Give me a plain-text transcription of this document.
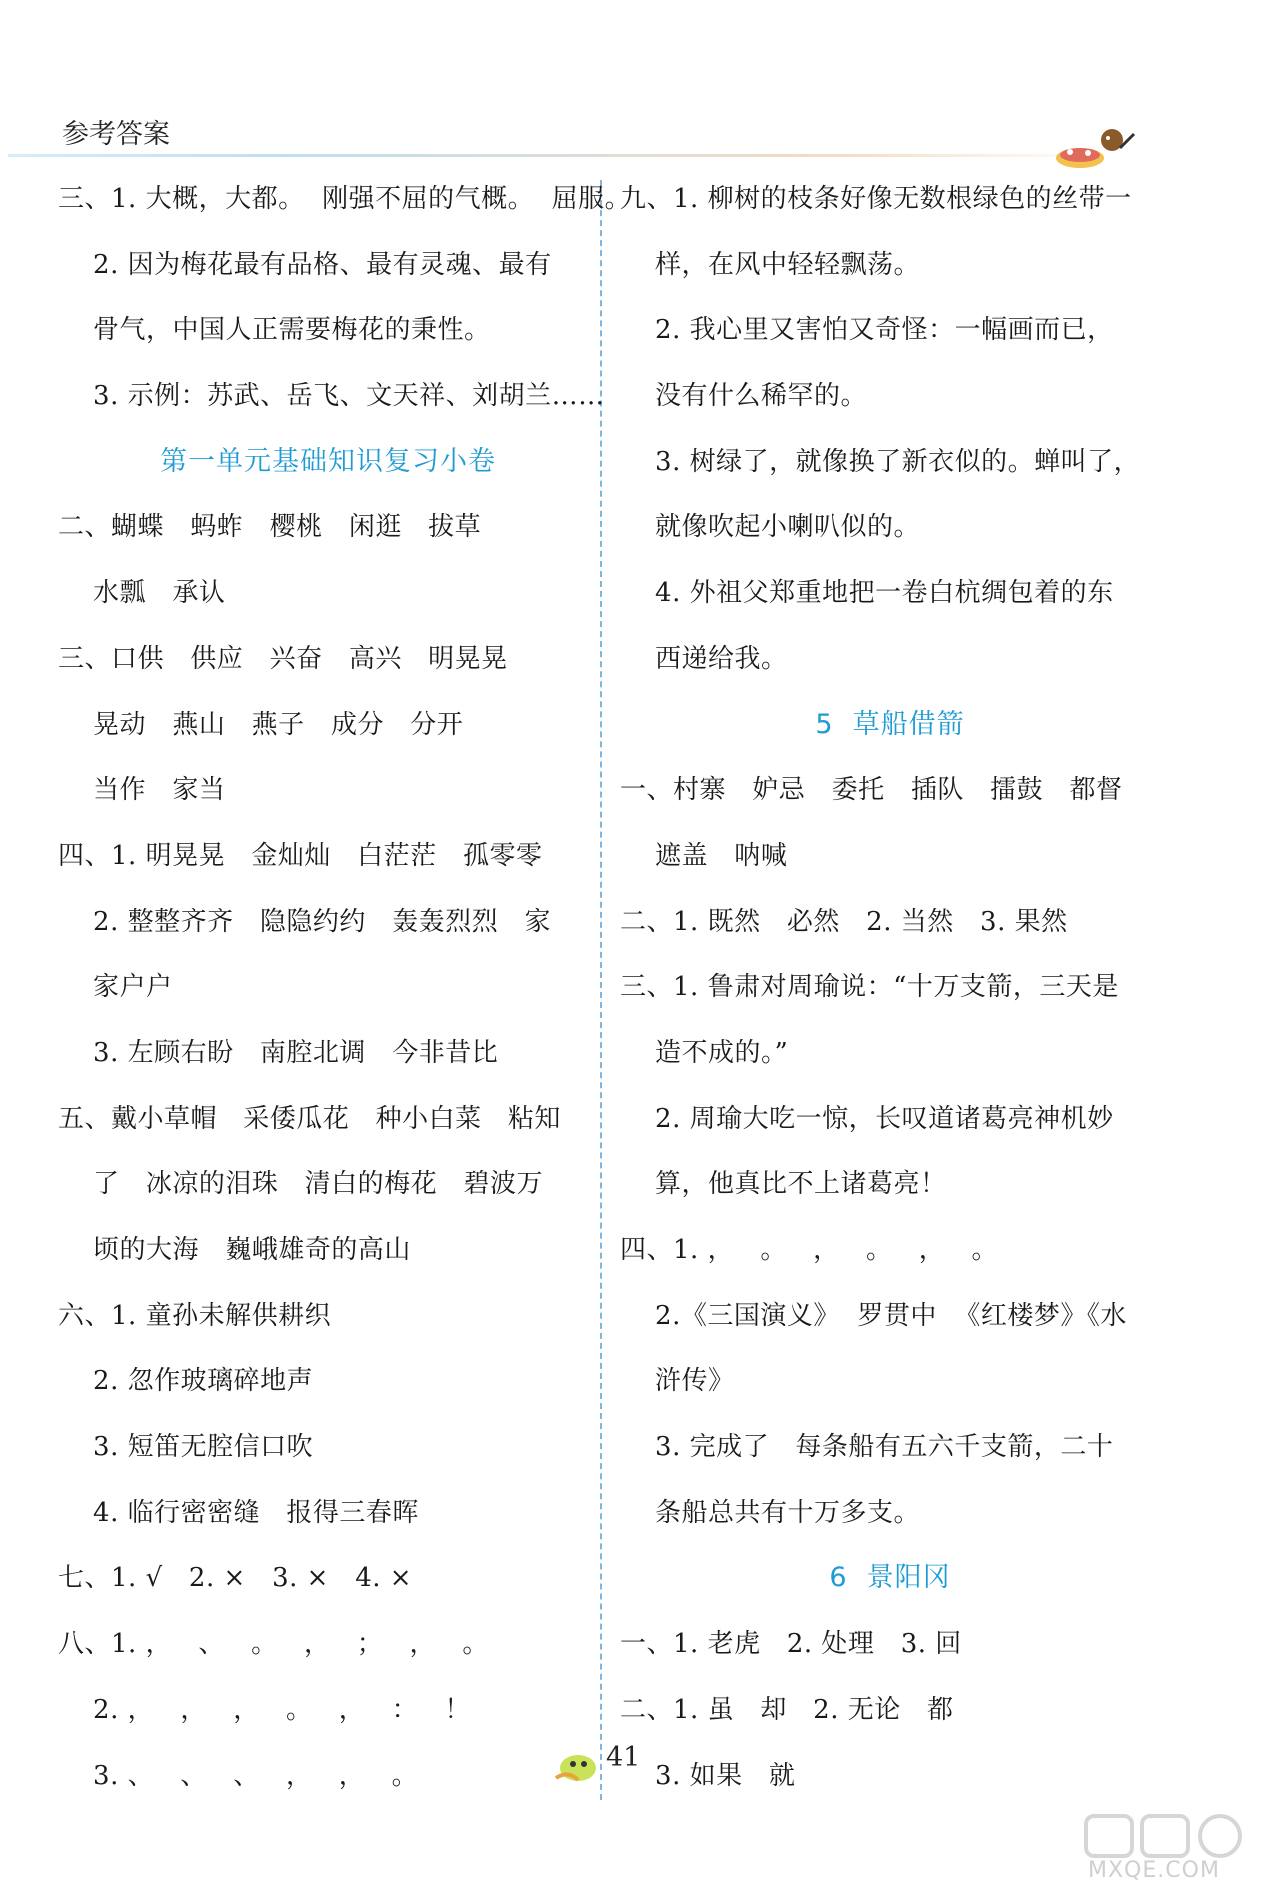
参考答案
三、1. 大概，大都。  刚强不屈的气概。  屈服。
2. 因为梅花最有品格、最有灵魂、最有
骨气，中国人正需要梅花的秉性。
3. 示例：苏武、岳飞、文天祥、刘胡兰……
第一单元基础知识复习小卷
二、蝴蝶   蚂蚱   樱桃   闲逛   拔草
水瓢   承认
三、口供   供应   兴奋   高兴   明晃晃
晃动   燕山   燕子   成分   分开
当作   家当
四、1. 明晃晃   金灿灿   白茫茫   孤零零
2. 整整齐齐   隐隐约约   轰轰烈烈   家
家户户
3. 左顾右盼   南腔北调   今非昔比
五、戴小草帽   采倭瓜花   种小白菜   粘知
了   冰凉的泪珠   清白的梅花   碧波万
顷的大海   巍峨雄奇的高山
六、1. 童孙未解供耕织
2. 忽作玻璃碎地声
3. 短笛无腔信口吹
4. 临行密密缝   报得三春晖
七、1. √   2. ×   3. ×   4. ×
八、1. ，   、   。   ，   ；   ，   。
2. ，   ，   ，   。   ，   ：   ！
3. 、   、   、   ，   ，   。
九、1. 柳树的枝条好像无数根绿色的丝带一
样，在风中轻轻飘荡。
2. 我心里又害怕又奇怪：一幅画而已，
没有什么稀罕的。
3. 树绿了，就像换了新衣似的。蝉叫了，
就像吹起小喇叭似的。
4. 外祖父郑重地把一卷白杭绸包着的东
西递给我。
5  草船借箭
一、村寨   妒忌   委托   插队   擂鼓   都督
遮盖   呐喊
二、1. 既然   必然   2. 当然   3. 果然
三、1. 鲁肃对周瑜说：“十万支箭，三天是
造不成的。”
2. 周瑜大吃一惊，长叹道诸葛亮神机妙
算，他真比不上诸葛亮！
四、1. ，   。   ，   。   ，   。
2.《三国演义》  罗贯中  《红楼梦》《水
浒传》
3. 完成了   每条船有五六千支箭，二十
条船总共有十万多支。
6  景阳冈
一、1. 老虎   2. 处理   3. 回
二、1. 虽   却   2. 无论   都
3. 如果   就
41
MXQE.COM
